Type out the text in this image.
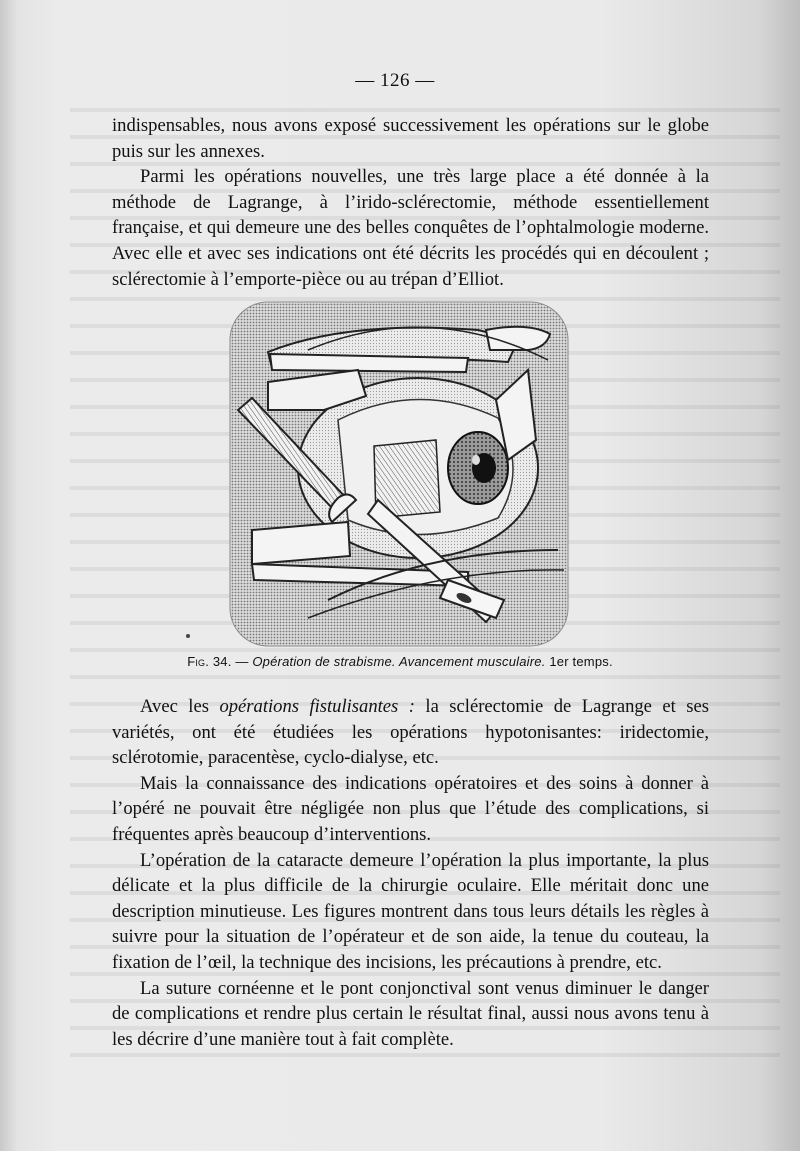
— 126 —

indispensables, nous avons exposé successivement les opérations sur le globe puis sur les annexes.

Parmi les opérations nouvelles, une très large place a été donnée à la méthode de Lagrange, à l’irido-sclérectomie, méthode essentiellement française, et qui demeure une des belles conquêtes de l’ophtalmologie moderne. Avec elle et avec ses indications ont été décrits les procédés qui en découlent ; sclérectomie à l’emporte-pièce ou au trépan d’Elliot.

Fig. 34. — Opération de strabisme. Avancement musculaire. 1er temps.

Avec les opérations fistulisantes : la sclérectomie de Lagrange et ses variétés, ont été étudiées les opérations hypotonisantes: iridectomie, sclérotomie, paracentèse, cyclo-dialyse, etc.

Mais la connaissance des indications opératoires et des soins à donner à l’opéré ne pouvait être négligée non plus que l’étude des complications, si fréquentes après beaucoup d’interventions.

L’opération de la cataracte demeure l’opération la plus importante, la plus délicate et la plus difficile de la chirurgie oculaire. Elle méritait donc une description minutieuse. Les figures montrent dans tous leurs détails les règles à suivre pour la situation de l’opérateur et de son aide, la tenue du couteau, la fixation de l’œil, la technique des incisions, les précautions à prendre, etc.

La suture cornéenne et le pont conjonctival sont venus diminuer le danger de complications et rendre plus certain le résultat final, aussi nous avons tenu à les décrire d’une manière tout à fait complète.
